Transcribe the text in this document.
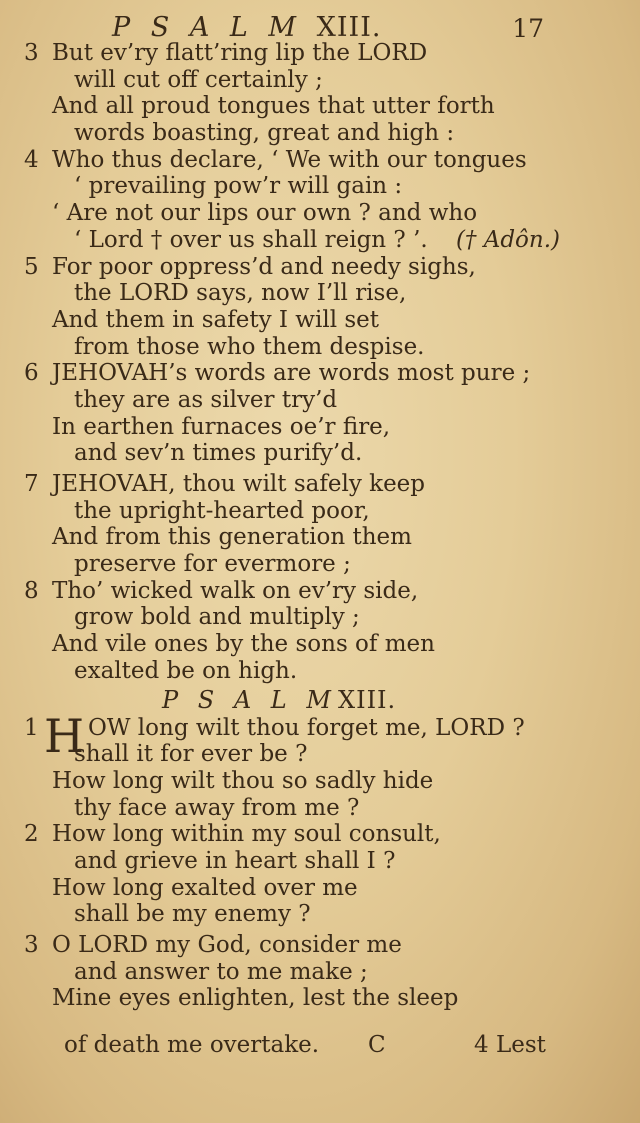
P S A L M XIII.	17
3 But ev’ry flatt’ring lip the LORD
will cut off certainly ;
And all proud tongues that utter forth
words boasting, great and high :
4 Who thus declare, ‘ We with our tongues
‘ prevailing pow’r will gain :
‘ Are not our lips our own ? and who
‘ Lord † over us shall reign ? ’. († Adôn.)
5 For poor oppress’d and needy sighs,
the LORD says, now I’ll rise,
And them in safety I will set
from those who them despise.
6 JEHOVAH’s words are words most pure ;
they are as silver try’d
In earthen furnaces oe’r fire,
and sev’n times purify’d.
7 JEHOVAH, thou wilt safely keep
the upright-hearted poor,
And from this generation them
preserve for evermore ;
8 Tho’ wicked walk on ev’ry side,
grow bold and multiply ;
And vile ones by the sons of men
exalted be on high.
P S A L M XIII.
1 H OW long wilt thou forget me, LORD ?
shall it for ever be ?
How long wilt thou so sadly hide
thy face away from me ?
2 How long within my soul consult,
and grieve in heart shall I ?
How long exalted over me
shall be my enemy ?
3 O LORD my God, consider me
and answer to me make ;
Mine eyes enlighten, lest the sleep
of death me overtake. C	4 Lest
